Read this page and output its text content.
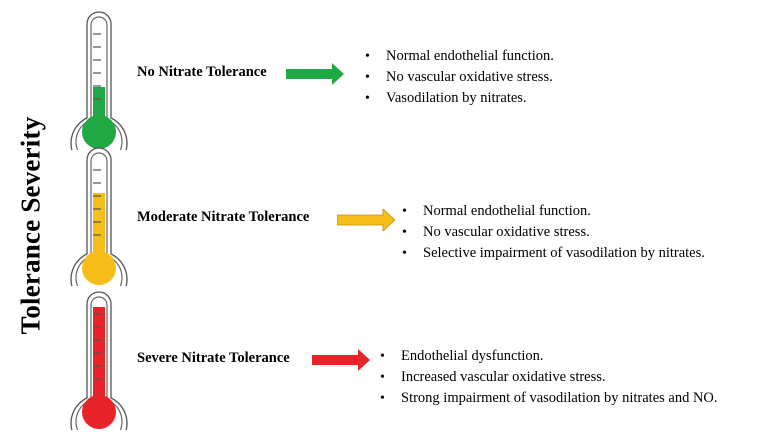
Tolerance Severity
No Nitrate Tolerance
• Normal endothelial function.
• No vascular oxidative stress.
• Vasodilation by nitrates.
Moderate Nitrate Tolerance	• Normal endothelial function.
• No vascular oxidative stress.
• Selective impairment of vasodilation by nitrates.
Severe Nitrate Tolerance	• Endothelial dysfunction.
• Increased vascular oxidative stress.
• Strong impairment of vasodilation by nitrates and NO.
